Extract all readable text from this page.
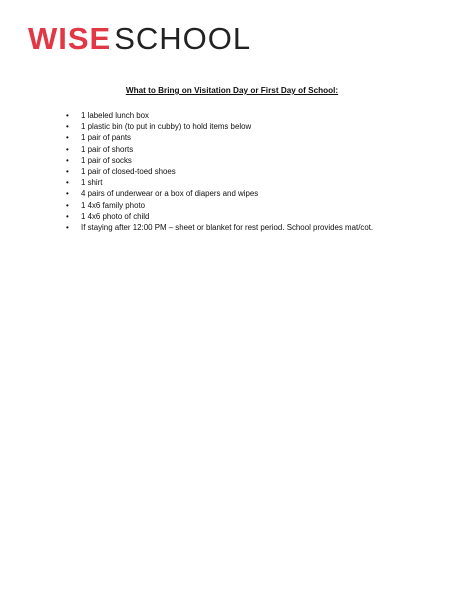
WISESCHOOL
What to Bring on Visitation Day or First Day of School:
• 1 labeled lunch box
• 1 plastic bin (to put in cubby) to hold items below
• 1 pair of pants
• 1 pair of shorts
• 1 pair of socks
• 1 pair of closed-toed shoes
• 1 shirt
• 4 pairs of underwear or a box of diapers and wipes
• 1 4x6 family photo
• 1 4x6 photo of child
• If staying after 12:00 PM – sheet or blanket for rest period. School provides mat/cot.
